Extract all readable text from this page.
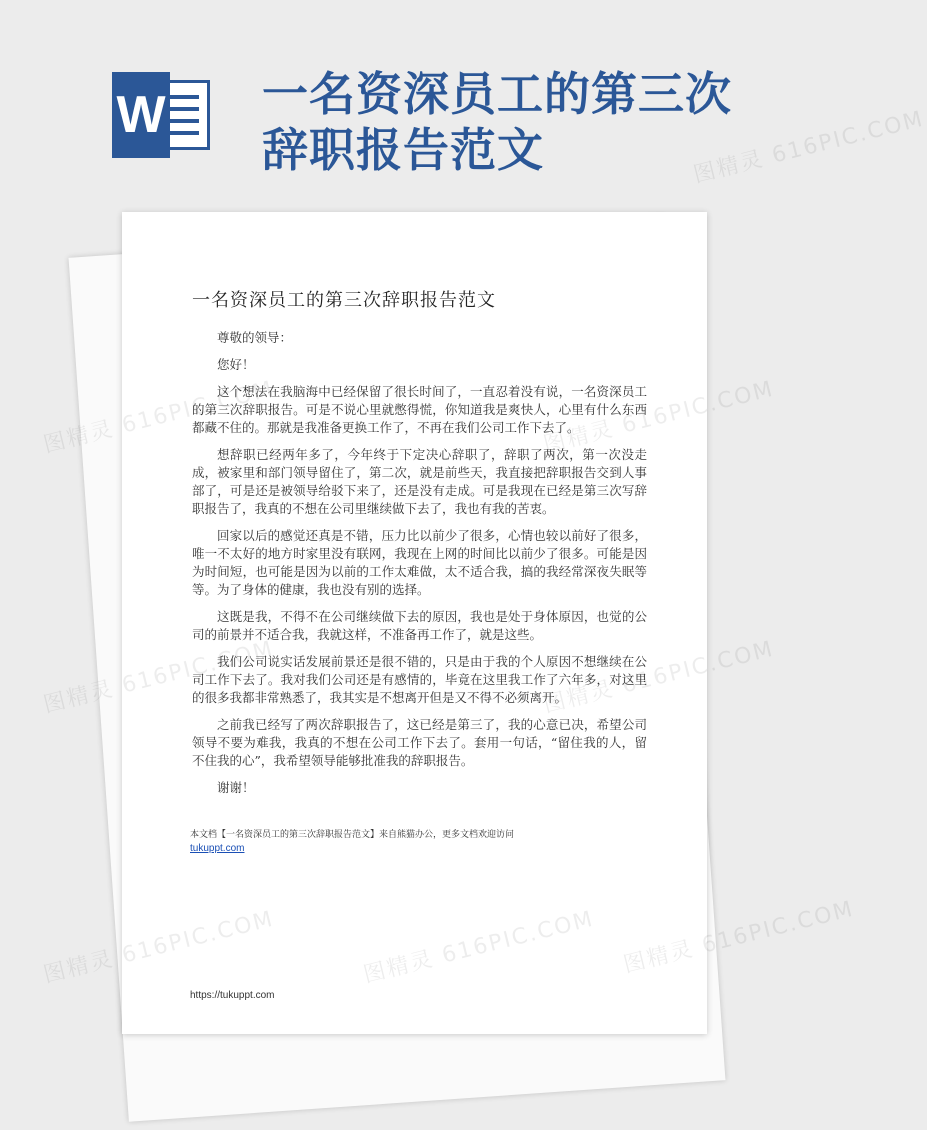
W 一名资深员工的第三次辞职报告范文
一名资深员工的第三次辞职报告范文

尊敬的领导：

您好！

这个想法在我脑海中已经保留了很长时间了，一直忍着没有说，一名资深员工的第三次辞职报告。可是不说心里就憋得慌，你知道我是爽快人，心里有什么东西都藏不住的。那就是我准备更换工作了，不再在我们公司工作下去了。

想辞职已经两年多了，今年终于下定决心辞职了，辞职了两次，第一次没走成，被家里和部门领导留住了，第二次，就是前些天，我直接把辞职报告交到人事部了，可是还是被领导给驳下来了，还是没有走成。可是我现在已经是第三次写辞职报告了，我真的不想在公司里继续做下去了，我也有我的苦衷。

回家以后的感觉还真是不错，压力比以前少了很多，心情也较以前好了很多，唯一不太好的地方时家里没有联网，我现在上网的时间比以前少了很多。可能是因为时间短，也可能是因为以前的工作太难做，太不适合我，搞的我经常深夜失眠等等。为了身体的健康，我也没有别的选择。

这既是我，不得不在公司继续做下去的原因，我也是处于身体原因，也觉的公司的前景并不适合我，我就这样，不准备再工作了，就是这些。

我们公司说实话发展前景还是很不错的，只是由于我的个人原因不想继续在公司工作下去了。我对我们公司还是有感情的，毕竟在这里我工作了六年多，对这里的很多我都非常熟悉了，我其实是不想离开但是又不得不必须离开。

之前我已经写了两次辞职报告了，这已经是第三了，我的心意已决，希望公司领导不要为难我，我真的不想在公司工作下去了。套用一句话，“留住我的人，留不住我的心”，我希望领导能够批准我的辞职报告。

谢谢！

本文档【一名资深员工的第三次辞职报告范文】来自熊猫办公，更多文档欢迎访问
tukuppt.com
https://tukuppt.com
图精灵 616PIC.COM
图精灵
图精灵
图精灵	图精灵 616PIC.COM
